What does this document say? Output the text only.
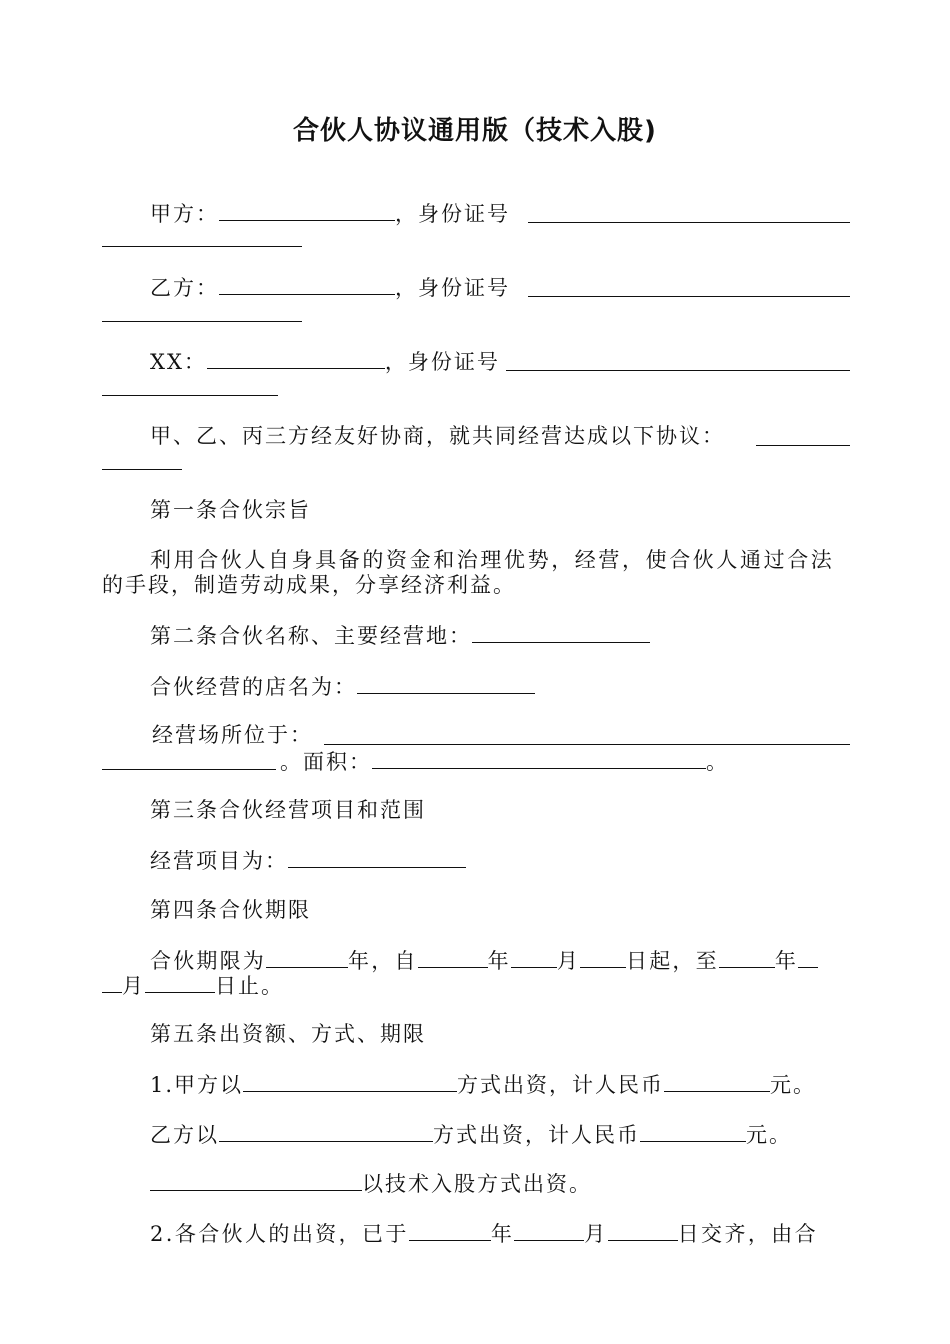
合伙人协议通用版（技术入股)

甲方：	，身份证号

乙方：	，身份证号

XX：	，身份证号

甲、乙、丙三方经友好协商，就共同经营达成以下协议：

第一条合伙宗旨

利用合伙人自身具备的资金和治理优势，经营，使合伙人通过合法

的手段，制造劳动成果，分享经济利益。

第二条合伙名称、主要经营地：

合伙经营的店名为：

经营场所位于：

。面积：	。

第三条合伙经营项目和范围

经营项目为：

第四条合伙期限

合伙期限为	年，自	年 月 日起，至	年

月	日止。

第五条出资额、方式、期限

1.甲方以	方式出资，计人民币	元。

乙方以	方式出资，计人民币	元。

以技术入股方式出资。

2.各合伙人的出资，已于	年	月	日交齐，由合
